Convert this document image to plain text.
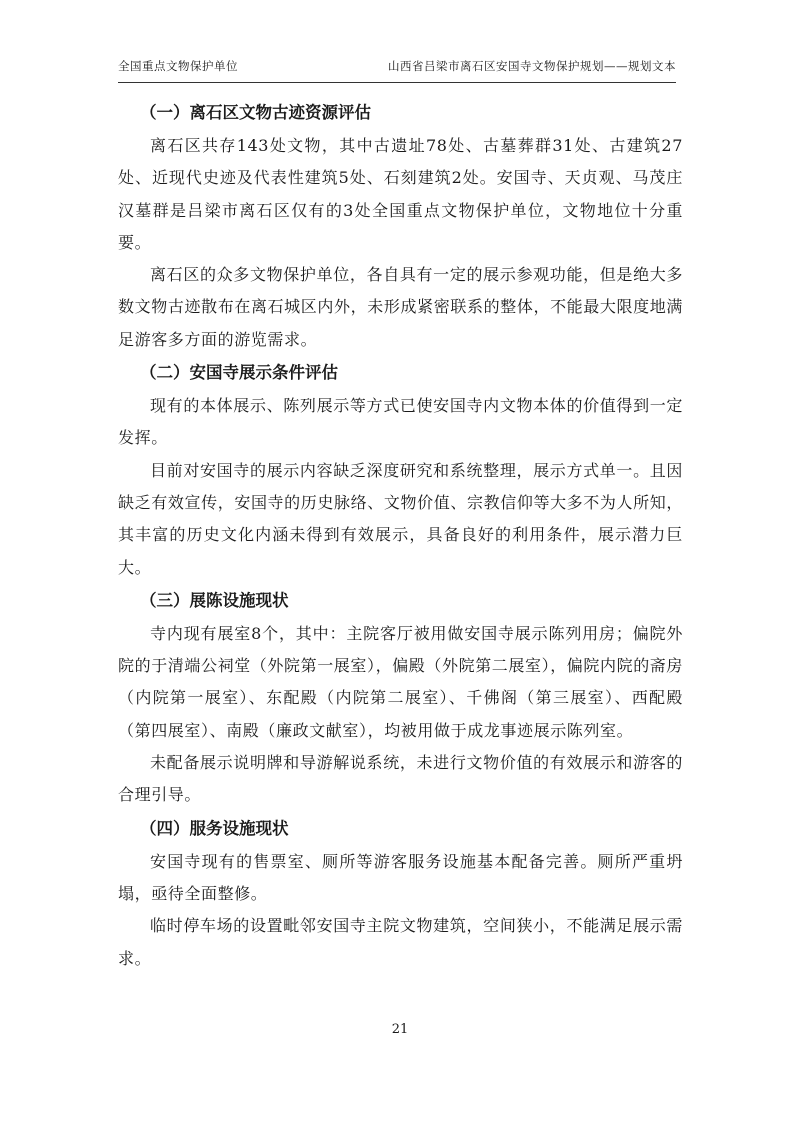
全国重点文物保护单位	山西省吕梁市离石区安国寺文物保护规划——规划文本
（一）离石区文物古迹资源评估

离石区共存143处文物，其中古遗址78处、古墓葬群31处、古建筑27处、近现代史迹及代表性建筑5处、石刻建筑2处。安国寺、天贞观、马茂庄汉墓群是吕梁市离石区仅有的3处全国重点文物保护单位，文物地位十分重要。

离石区的众多文物保护单位，各自具有一定的展示参观功能，但是绝大多数文物古迹散布在离石城区内外，未形成紧密联系的整体，不能最大限度地满足游客多方面的游览需求。

（二）安国寺展示条件评估

现有的本体展示、陈列展示等方式已使安国寺内文物本体的价值得到一定发挥。

目前对安国寺的展示内容缺乏深度研究和系统整理，展示方式单一。且因缺乏有效宣传，安国寺的历史脉络、文物价值、宗教信仰等大多不为人所知，其丰富的历史文化内涵未得到有效展示，具备良好的利用条件，展示潜力巨大。

（三）展陈设施现状

寺内现有展室8个，其中：主院客厅被用做安国寺展示陈列用房；偏院外院的于清端公祠堂（外院第一展室），偏殿（外院第二展室），偏院内院的斋房（内院第一展室）、东配殿（内院第二展室）、千佛阁（第三展室）、西配殿（第四展室）、南殿（廉政文献室），均被用做于成龙事迹展示陈列室。

未配备展示说明牌和导游解说系统，未进行文物价值的有效展示和游客的合理引导。

（四）服务设施现状

安国寺现有的售票室、厕所等游客服务设施基本配备完善。厕所严重坍塌，亟待全面整修。

临时停车场的设置毗邻安国寺主院文物建筑，空间狭小，不能满足展示需求。

21
